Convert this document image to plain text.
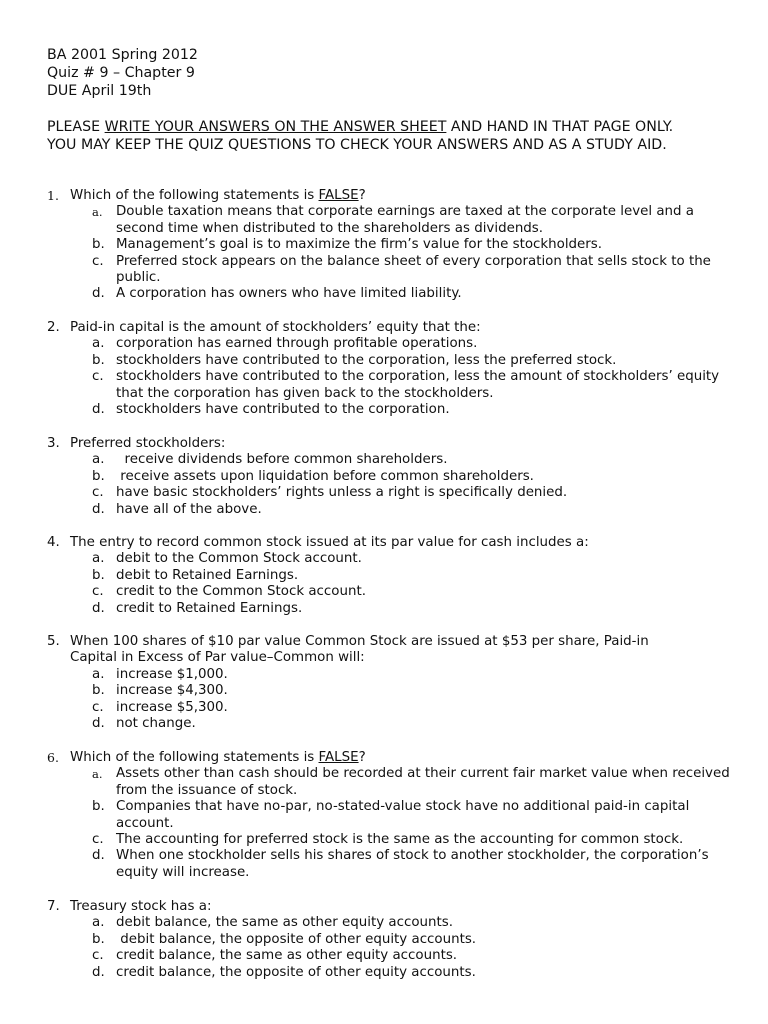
BA 2001 Spring 2012
Quiz # 9 – Chapter 9
DUE April 19th
PLEASE WRITE YOUR ANSWERS ON THE ANSWER SHEET AND HAND IN THAT PAGE ONLY. YOU MAY KEEP THE QUIZ QUESTIONS TO CHECK YOUR ANSWERS AND AS A STUDY AID.
1. Which of the following statements is FALSE?
a. Double taxation means that corporate earnings are taxed at the corporate level and a second time when distributed to the shareholders as dividends.
b. Management’s goal is to maximize the firm’s value for the stockholders.
c. Preferred stock appears on the balance sheet of every corporation that sells stock to the public.
d. A corporation has owners who have limited liability.
2. Paid-in capital is the amount of stockholders’ equity that the:
a. corporation has earned through profitable operations.
b. stockholders have contributed to the corporation, less the preferred stock.
c. stockholders have contributed to the corporation, less the amount of stockholders’ equity that the corporation has given back to the stockholders.
d. stockholders have contributed to the corporation.
3. Preferred stockholders:
a. receive dividends before common shareholders.
b. receive assets upon liquidation before common shareholders.
c. have basic stockholders’ rights unless a right is specifically denied.
d. have all of the above.
4. The entry to record common stock issued at its par value for cash includes a:
a. debit to the Common Stock account.
b. debit to Retained Earnings.
c. credit to the Common Stock account.
d. credit to Retained Earnings.
5. When 100 shares of $10 par value Common Stock are issued at $53 per share, Paid-in Capital in Excess of Par value–Common will:
a. increase $1,000.
b. increase $4,300.
c. increase $5,300.
d. not change.
6. Which of the following statements is FALSE?
a. Assets other than cash should be recorded at their current fair market value when received from the issuance of stock.
b. Companies that have no-par, no-stated-value stock have no additional paid-in capital account.
c. The accounting for preferred stock is the same as the accounting for common stock.
d. When one stockholder sells his shares of stock to another stockholder, the corporation’s equity will increase.
7. Treasury stock has a:
a. debit balance, the same as other equity accounts.
b. debit balance, the opposite of other equity accounts.
c. credit balance, the same as other equity accounts.
d. credit balance, the opposite of other equity accounts.
